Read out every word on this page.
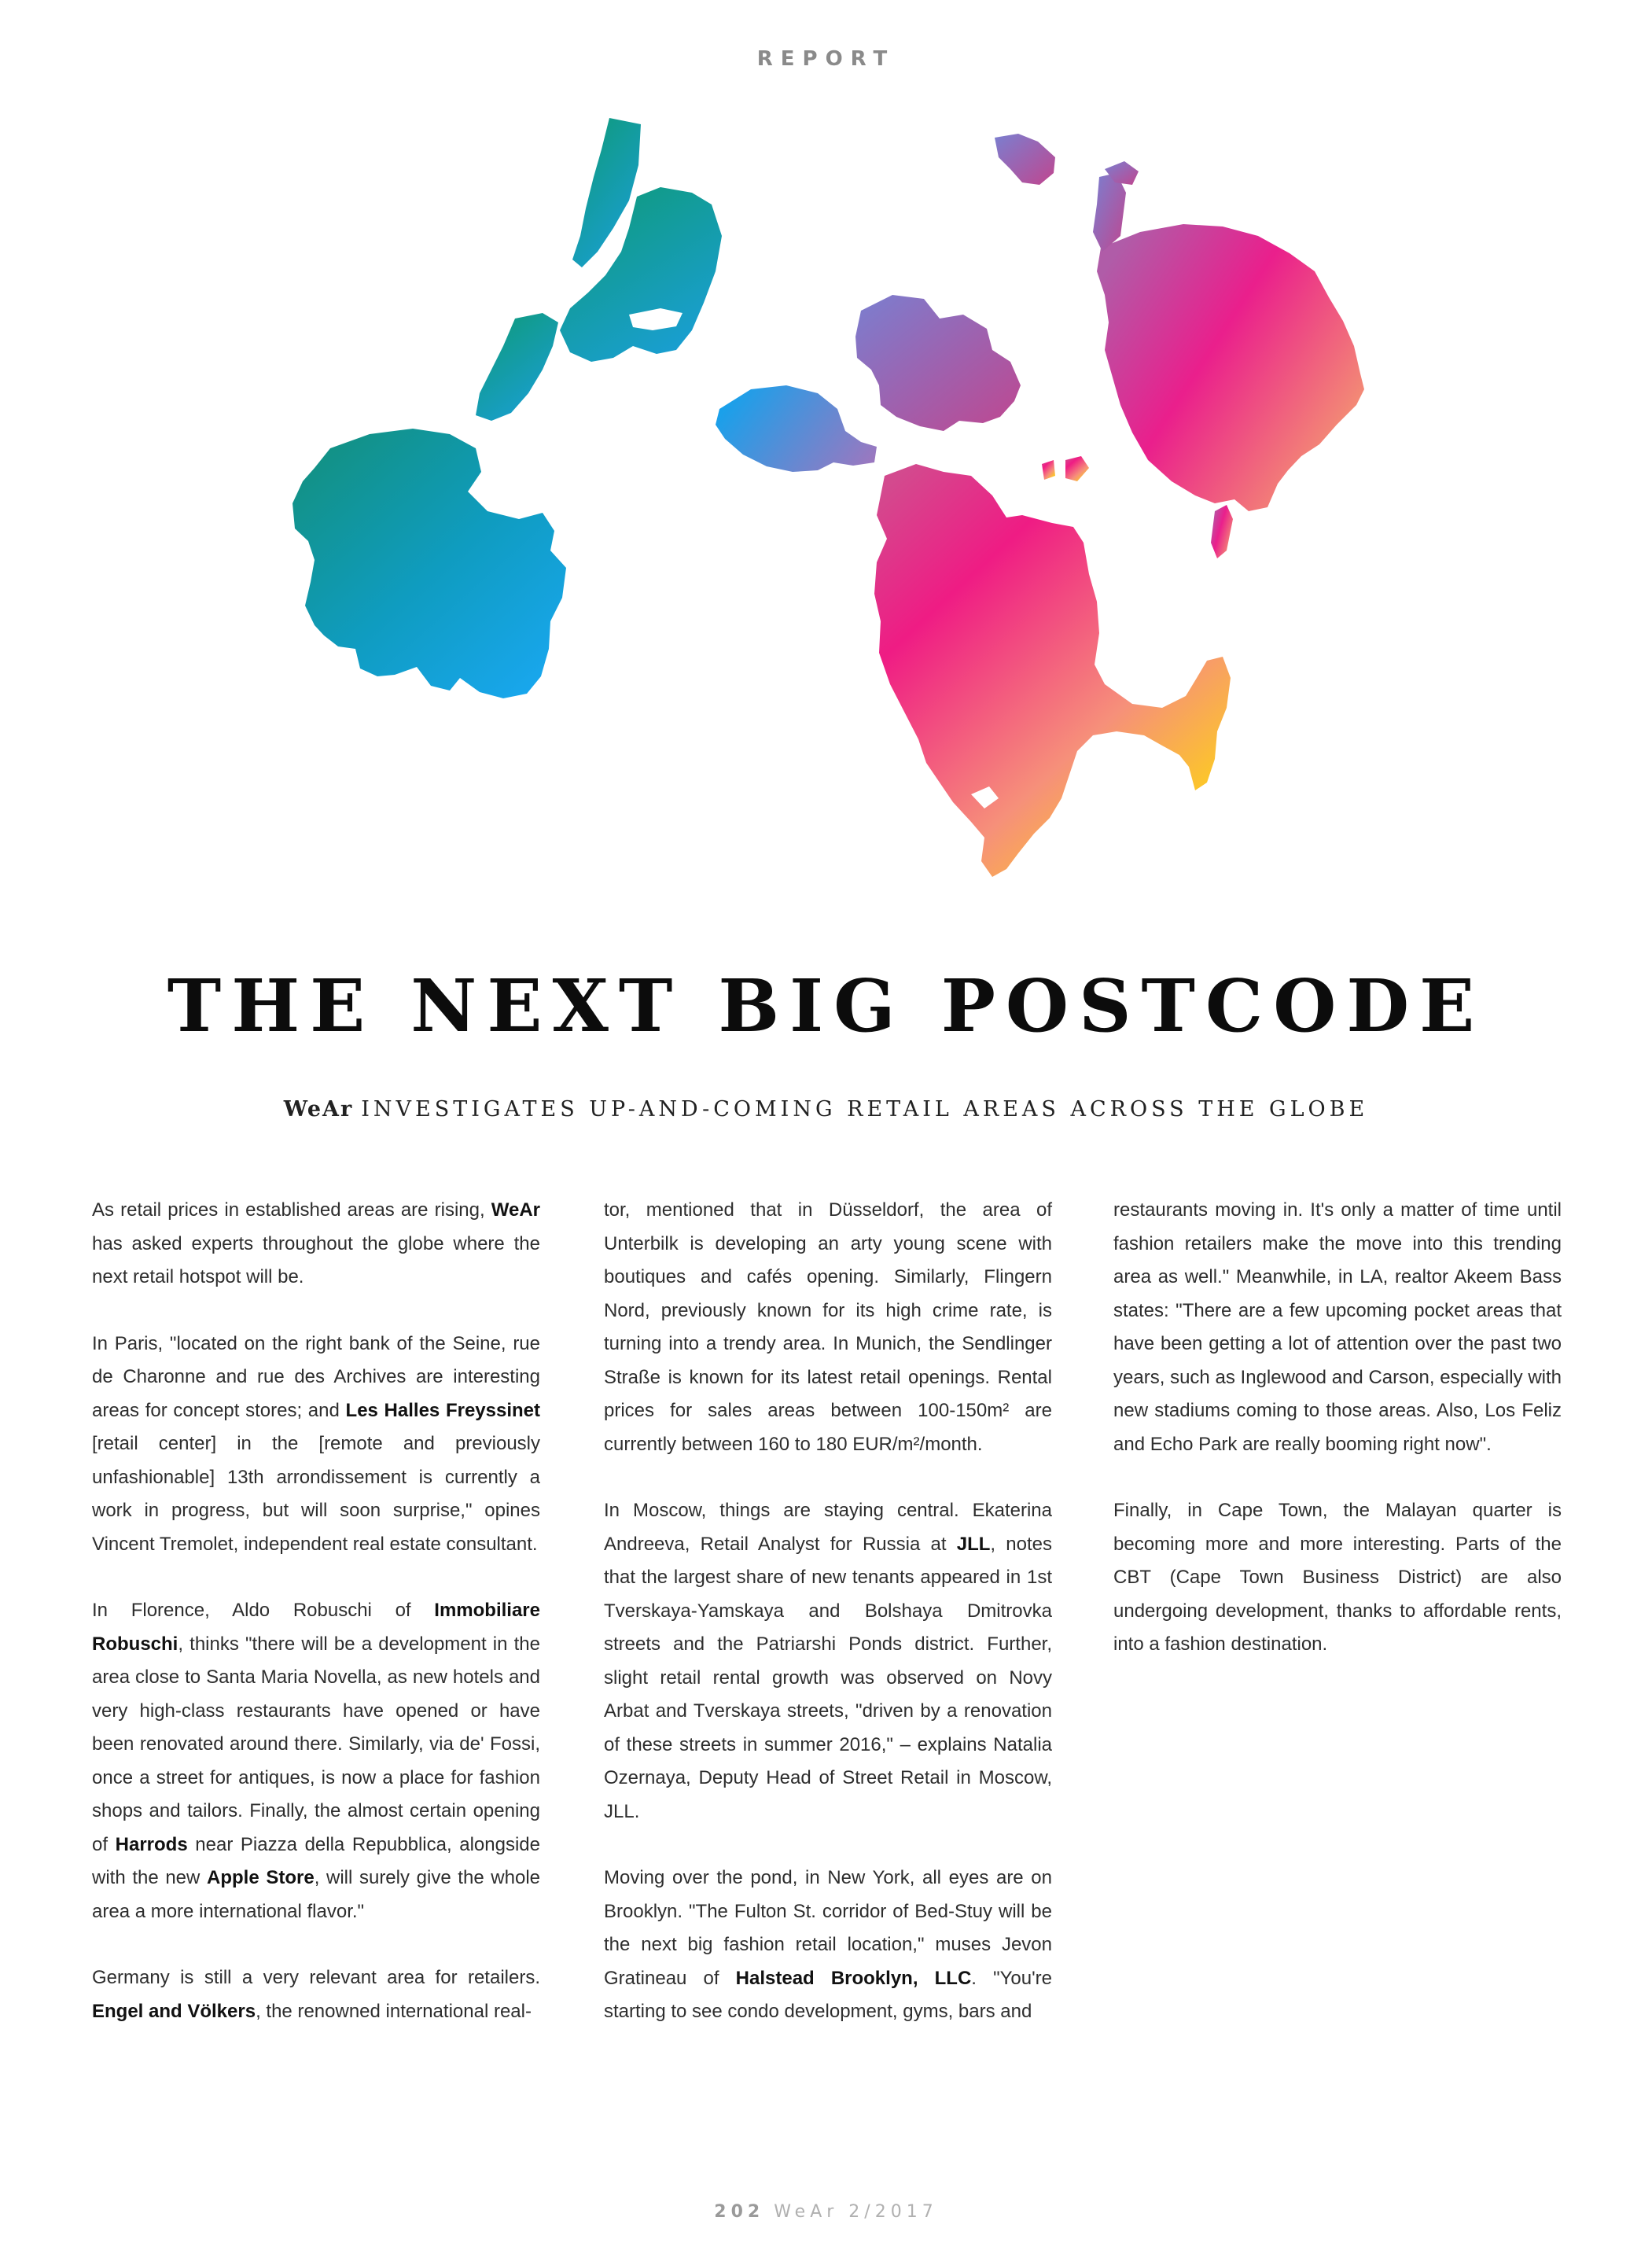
REPORT
THE NEXT BIG POSTCODE
WeAr INVESTIGATES UP-AND-COMING RETAIL AREAS ACROSS THE GLOBE

As retail prices in established areas are rising, WeAr has asked experts throughout the globe where the next retail hotspot will be.

In Paris, "located on the right bank of the Seine, rue de Charonne and rue des Archives are interesting areas for concept stores; and Les Halles Freyssinet [retail center] in the [remote and previously unfashionable] 13th arrondissement is currently a work in progress, but will soon surprise," opines Vincent Tremolet, independent real estate consultant.

In Florence, Aldo Robuschi of Immobiliare Robuschi, thinks "there will be a development in the area close to Santa Maria Novella, as new hotels and very high-class restaurants have opened or have been renovated around there. Similarly, via de' Fossi, once a street for antiques, is now a place for fashion shops and tailors. Finally, the almost certain opening of Harrods near Piazza della Repubblica, alongside with the new Apple Store, will surely give the whole area a more international flavor."

Germany is still a very relevant area for retailers. Engel and Völkers, the renowned international real-

tor, mentioned that in Düsseldorf, the area of Unterbilk is developing an arty young scene with boutiques and cafés opening. Similarly, Flingern Nord, previously known for its high crime rate, is turning into a trendy area. In Munich, the Sendlinger Straße is known for its latest retail openings. Rental prices for sales areas between 100-150m² are currently between 160 to 180 EUR/m²/month.

In Moscow, things are staying central. Ekaterina Andreeva, Retail Analyst for Russia at JLL, notes that the largest share of new tenants appeared in 1st Tverskaya-Yamskaya and Bolshaya Dmitrovka streets and the Patriarshi Ponds district. Further, slight retail rental growth was observed on Novy Arbat and Tverskaya streets, "driven by a renovation of these streets in summer 2016," – explains Natalia Ozernaya, Deputy Head of Street Retail in Moscow, JLL.

Moving over the pond, in New York, all eyes are on Brooklyn. "The Fulton St. corridor of Bed-Stuy will be the next big fashion retail location," muses Jevon Gratineau of Halstead Brooklyn, LLC. "You're starting to see condo development, gyms, bars and

restaurants moving in. It's only a matter of time until fashion retailers make the move into this trending area as well." Meanwhile, in LA, realtor Akeem Bass states: "There are a few upcoming pocket areas that have been getting a lot of attention over the past two years, such as Inglewood and Carson, especially with new stadiums coming to those areas. Also, Los Feliz and Echo Park are really booming right now".

Finally, in Cape Town, the Malayan quarter is becoming more and more interesting. Parts of the CBT (Cape Town Business District) are also undergoing development, thanks to affordable rents, into a fashion destination.

202 WeAr 2/2017
